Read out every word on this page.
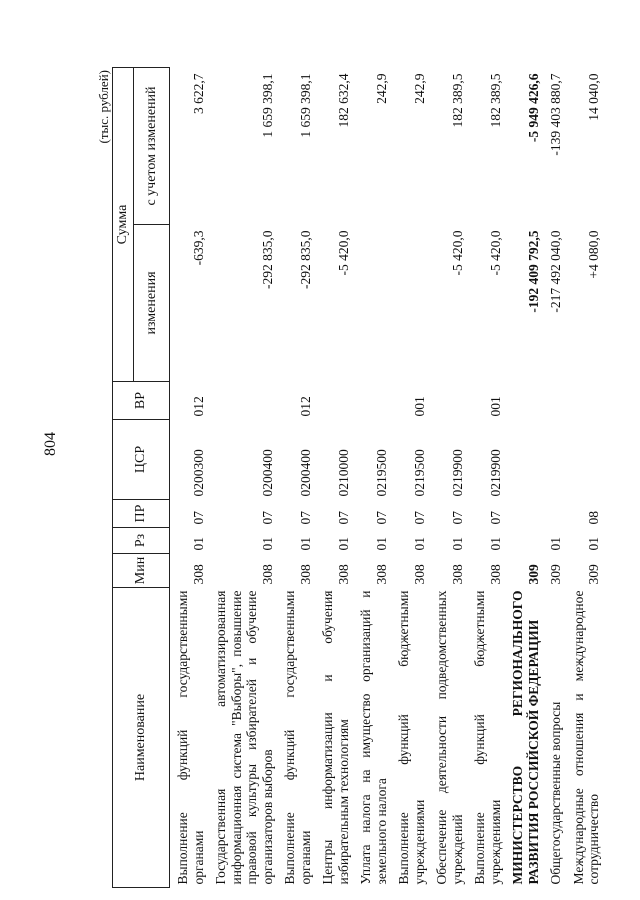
804
(тыс. рублей)
Наименование	Мин	Рз	ПР	ЦСР	ВР	Сумма	
						изменения	с учетом изменений
Выполнение функций государственными органами	308	01	07	0200300	012	-639,3	3 622,7
Государственная автоматизированная информационная система "Выборы", повышение правовой культуры избирателей и обучение организаторов выборов	308	01	07	0200400		-292 835,0	1 659 398,1
Выполнение функций государственными органами	308	01	07	0200400	012	-292 835,0	1 659 398,1
Центры информатизации и обучения избирательным технологиям	308	01	07	0210000		-5 420,0	182 632,4
Уплата налога на имущество организаций и земельного налога	308	01	07	0219500			242,9
Выполнение функций бюджетными учреждениями	308	01	07	0219500	001		242,9
Обеспечение деятельности подведомственных учреждений	308	01	07	0219900		-5 420,0	182 389,5
Выполнение функций бюджетными учреждениями	308	01	07	0219900	001	-5 420,0	182 389,5
МИНИСТЕРСТВО РЕГИОНАЛЬНОГО РАЗВИТИЯ РОССИЙСКОЙ ФЕДЕРАЦИИ	309					-192 409 792,5	-5 949 426,6
Общегосударственные вопросы	309	01				-217 492 040,0	-139 403 880,7
Международные отношения и международное сотрудничество	309	01	08			+4 080,0	14 040,0
